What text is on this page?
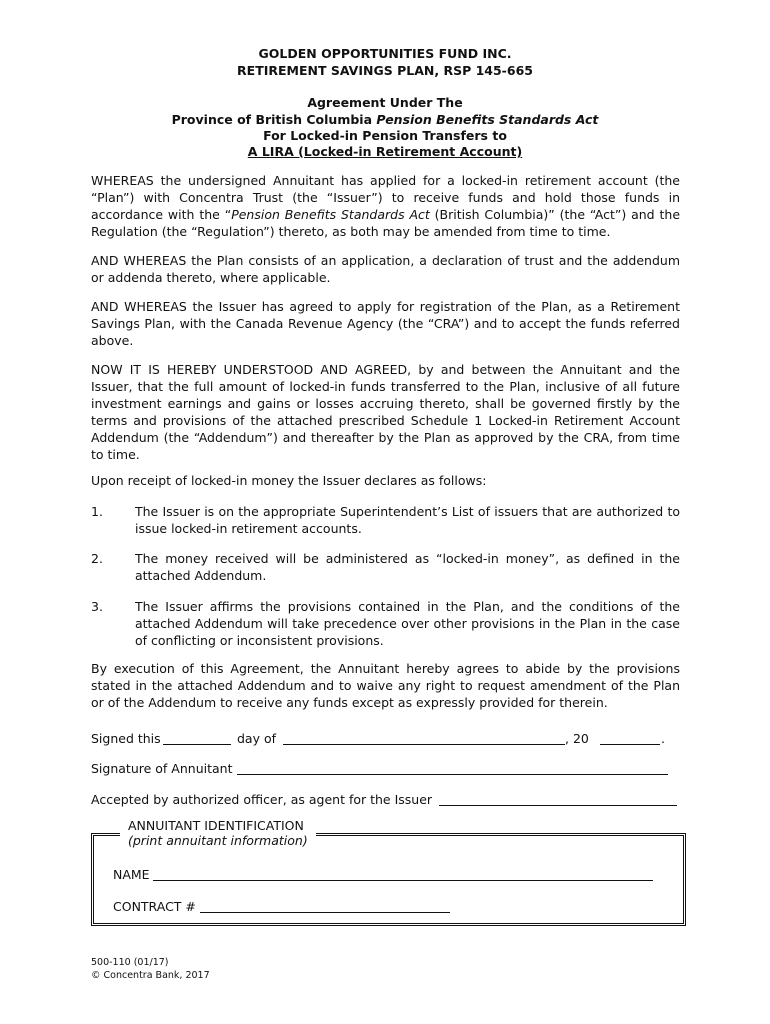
GOLDEN OPPORTUNITIES FUND INC.
RETIREMENT SAVINGS PLAN, RSP 145-665
Agreement Under The
Province of British Columbia Pension Benefits Standards Act
For Locked-in Pension Transfers to
A LIRA (Locked-in Retirement Account)
WHEREAS the undersigned Annuitant has applied for a locked-in retirement account (the “Plan”) with Concentra Trust (the “Issuer”) to receive funds and hold those funds in accordance with the “Pension Benefits Standards Act (British Columbia)” (the “Act”) and the Regulation (the “Regulation”) thereto, as both may be amended from time to time.
AND WHEREAS the Plan consists of an application, a declaration of trust and the addendum or addenda thereto, where applicable.
AND WHEREAS the Issuer has agreed to apply for registration of the Plan, as a Retirement Savings Plan, with the Canada Revenue Agency (the “CRA”) and to accept the funds referred above.
NOW IT IS HEREBY UNDERSTOOD AND AGREED, by and between the Annuitant and the Issuer, that the full amount of locked-in funds transferred to the Plan, inclusive of all future investment earnings and gains or losses accruing thereto, shall be governed firstly by the terms and provisions of the attached prescribed Schedule 1 Locked-in Retirement Account Addendum (the “Addendum”) and thereafter by the Plan as approved by the CRA, from time to time.
Upon receipt of locked-in money the Issuer declares as follows:
1.	The Issuer is on the appropriate Superintendent’s List of issuers that are authorized to issue locked-in retirement accounts.
2.	The money received will be administered as “locked-in money”, as defined in the attached Addendum.
3.	The Issuer affirms the provisions contained in the Plan, and the conditions of the attached Addendum will take precedence over other provisions in the Plan in the case of conflicting or inconsistent provisions.
By execution of this Agreement, the Annuitant hereby agrees to abide by the provisions stated in the attached Addendum and to waive any right to request amendment of the Plan or of the Addendum to receive any funds except as expressly provided for therein.
Signed this	day of	, 20	.
Signature of Annuitant
Accepted by authorized officer, as agent for the Issuer
ANNUITANT IDENTIFICATION
(print annuitant information)
NAME
CONTRACT #
500-110 (01/17)
© Concentra Bank, 2017
